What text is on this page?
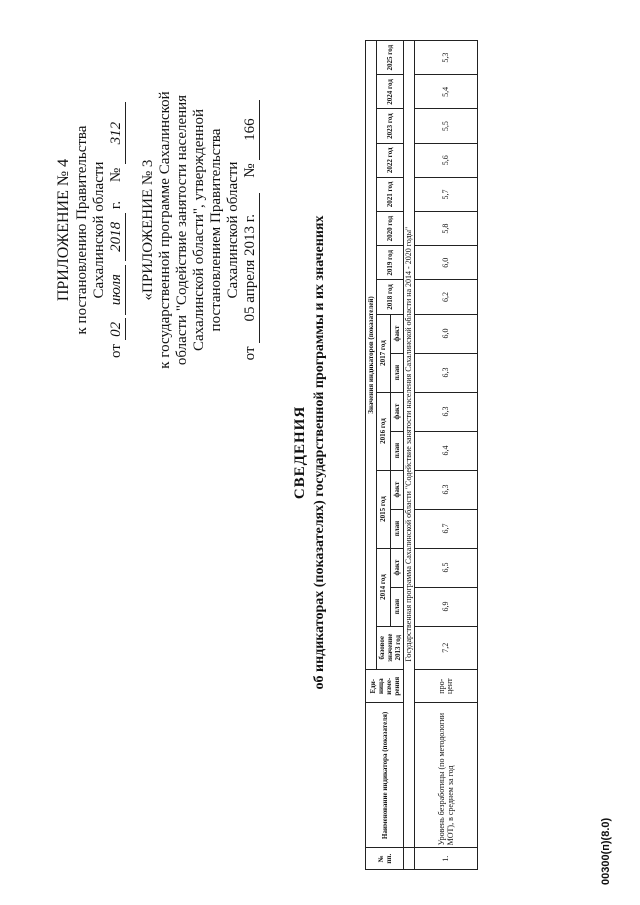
ПРИЛОЖЕНИЕ № 4 к постановлению Правительства Сахалинской области
от 02 июля 2018 г.     № 312
«ПРИЛОЖЕНИЕ № 3 к государственной программе Сахалинской области "Содействие занятости населения Сахалинской области", утвержденной постановлением Правительства Сахалинской области
от 05 апреля 2013 г.    № 166
СВЕДЕНИЯ об индикаторах (показателях) государственной программы и их значениях
№ пп.	Наименование индикатора (показателя)	Еди-ница изме-рения	Значения индикаторов (показателей)																
			базовое значение 2013 год	2014 год		2015 год		2016 год		2017 год		2018 год	2019 год	2020 год	2021 год	2022 год	2023 год	2024 год	2025 год
				план	факт	план	факт	план	факт	план	факт								
	Государственная программа Сахалинской области "Содействие занятости населения Сахалинской области на 2014 - 2020 годы"																		
1.	Уровень безработицы (по методологии МОТ), в среднем за год	про-цент	7,2	6,9	6,5	6,7	6,3	6,4	6,3	6,3	6,0	6,2	6,0	5,8	5,7	5,6	5,5	5,4	5,3
00300(п)(8.0)
